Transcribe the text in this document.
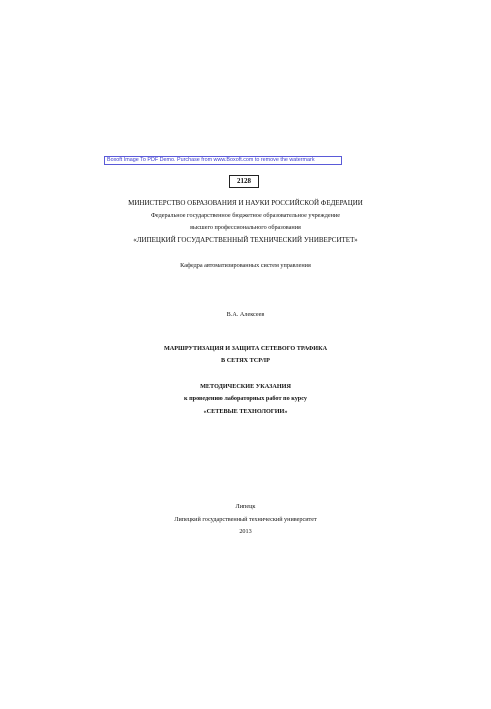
Boxoft Image To PDF Demo. Purchase from www.Boxoft.com to remove the watermark
2128
МИНИСТЕРСТВО ОБРАЗОВАНИЯ И НАУКИ РОССИЙСКОЙ ФЕДЕРАЦИИ
Федеральное государственное бюджетное образовательное учреждение
высшего профессионального образования
«ЛИПЕЦКИЙ ГОСУДАРСТВЕННЫЙ ТЕХНИЧЕСКИЙ УНИВЕРСИТЕТ»
Кафедра автоматизированных систем управления
В.А. Алексеев
МАРШРУТИЗАЦИЯ И ЗАЩИТА СЕТЕВОГО ТРАФИКА
В СЕТЯХ TCP/IP
МЕТОДИЧЕСКИЕ УКАЗАНИЯ
к проведению лабораторных работ по курсу
«СЕТЕВЫЕ ТЕХНОЛОГИИ»
Липецк
Липецкий государственный технический университет
2013
